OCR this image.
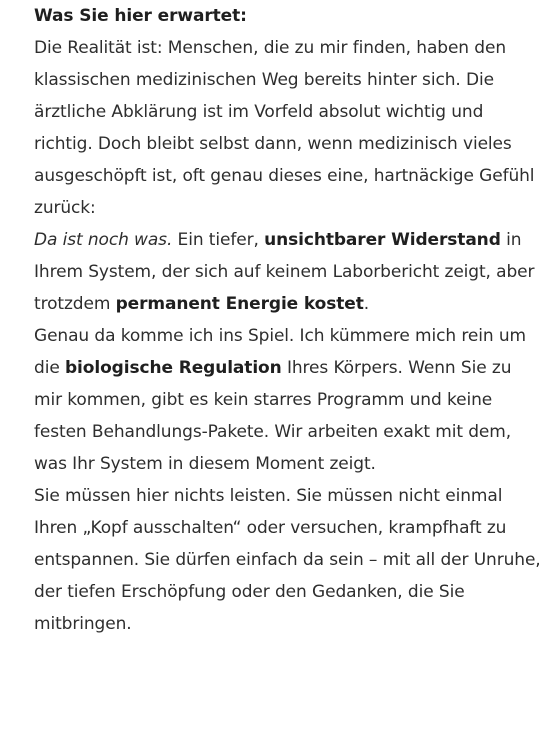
Was Sie hier erwartet:

Die Realität ist: Menschen, die zu mir finden, haben den klassischen medizinischen Weg bereits hinter sich. Die ärztliche Abklärung ist im Vorfeld absolut wichtig und richtig. Doch bleibt selbst dann, wenn medizinisch vieles ausgeschöpft ist, oft genau dieses eine, hartnäckige Gefühl zurück:

Da ist noch was. Ein tiefer, unsichtbarer Widerstand in Ihrem System, der sich auf keinem Laborbericht zeigt, aber trotzdem permanent Energie kostet.

Genau da komme ich ins Spiel. Ich kümmere mich rein um die biologische Regulation Ihres Körpers. Wenn Sie zu mir kommen, gibt es kein starres Programm und keine festen Behandlungs-Pakete. Wir arbeiten exakt mit dem, was Ihr System in diesem Moment zeigt.

Sie müssen hier nichts leisten. Sie müssen nicht einmal Ihren „Kopf ausschalten“ oder versuchen, krampfhaft zu entspannen. Sie dürfen einfach da sein – mit all der Unruhe, der tiefen Erschöpfung oder den Gedanken, die Sie mitbringen.
